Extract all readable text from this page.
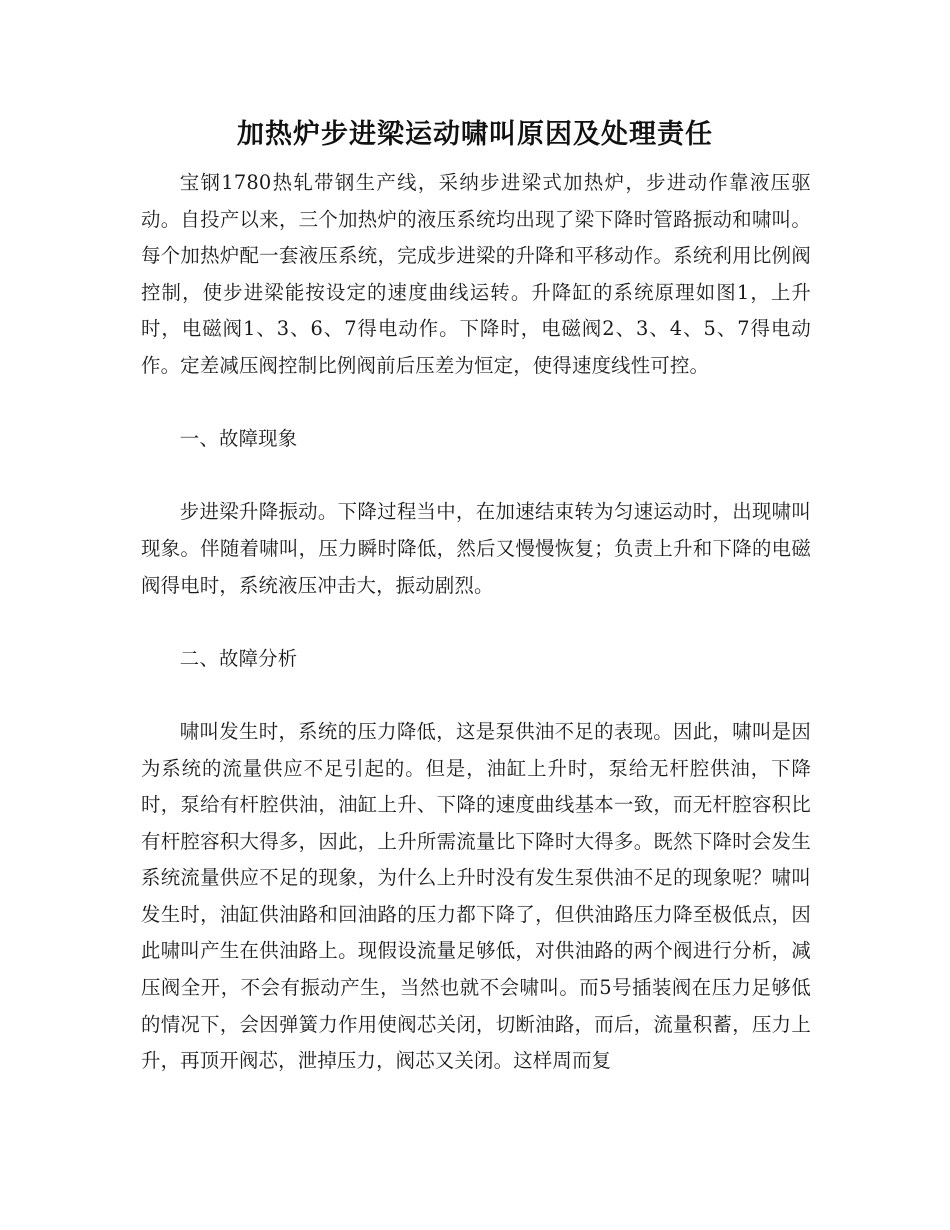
加热炉步进梁运动啸叫原因及处理责任

宝钢1780热轧带钢生产线，采纳步进梁式加热炉，步进动作靠液压驱动。自投产以来，三个加热炉的液压系统均出现了梁下降时管路振动和啸叫。每个加热炉配一套液压系统，完成步进梁的升降和平移动作。系统利用比例阀控制，使步进梁能按设定的速度曲线运转。升降缸的系统原理如图1，上升时，电磁阀1、3、6、7得电动作。下降时，电磁阀2、3、4、5、7得电动作。定差减压阀控制比例阀前后压差为恒定，使得速度线性可控。

一、故障现象

步进梁升降振动。下降过程当中，在加速结束转为匀速运动时，出现啸叫现象。伴随着啸叫，压力瞬时降低，然后又慢慢恢复；负责上升和下降的电磁阀得电时，系统液压冲击大，振动剧烈。

二、故障分析

啸叫发生时，系统的压力降低，这是泵供油不足的表现。因此，啸叫是因为系统的流量供应不足引起的。但是，油缸上升时，泵给无杆腔供油，下降时，泵给有杆腔供油，油缸上升、下降的速度曲线基本一致，而无杆腔容积比有杆腔容积大得多，因此，上升所需流量比下降时大得多。既然下降时会发生系统流量供应不足的现象，为什么上升时没有发生泵供油不足的现象呢？啸叫发生时，油缸供油路和回油路的压力都下降了，但供油路压力降至极低点，因此啸叫产生在供油路上。现假设流量足够低，对供油路的两个阀进行分析，减压阀全开，不会有振动产生，当然也就不会啸叫。而5号插装阀在压力足够低的情况下，会因弹簧力作用使阀芯关闭，切断油路，而后，流量积蓄，压力上升，再顶开阀芯，泄掉压力，阀芯又关闭。这样周而复
